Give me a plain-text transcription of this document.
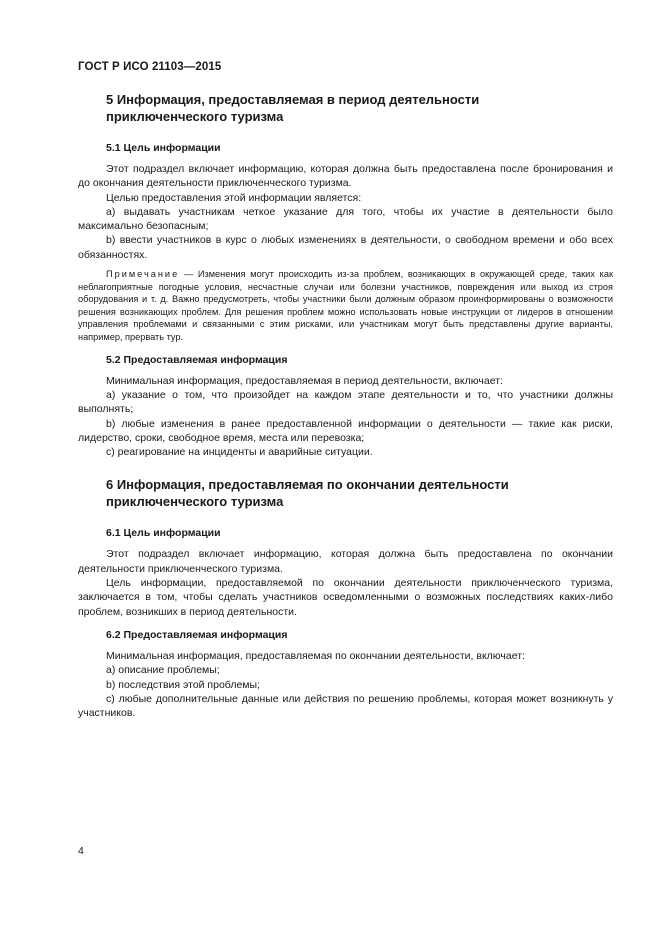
ГОСТ Р ИСО 21103—2015
5 Информация, предоставляемая в период деятельности
приключенческого туризма
5.1 Цель информации

Этот подраздел включает информацию, которая должна быть предоставлена после бронирования и до окончания деятельности приключенческого туризма.

Целью предоставления этой информации является:

a) выдавать участникам четкое указание для того, чтобы их участие в деятельности было максимально безопасным;

b) ввести участников в курс о любых изменениях в деятельности, о свободном времени и обо всех обязанностях.

Примечание — Изменения могут происходить из-за проблем, возникающих в окружающей среде, таких как неблагоприятные погодные условия, несчастные случаи или болезни участников, повреждения или выход из строя оборудования и т. д. Важно предусмотреть, чтобы участники были должным образом проинформированы о возможности решения возникающих проблем. Для решения проблем можно использовать новые инструкции от лидеров в отношении управления проблемами и связанными с этим рисками, или участникам могут быть представлены другие варианты, например, прервать тур.

5.2 Предоставляемая информация

Минимальная информация, предоставляемая в период деятельности, включает:

a) указание о том, что произойдет на каждом этапе деятельности и то, что участники должны выполнять;

b) любые изменения в ранее предоставленной информации о деятельности — такие как риски, лидерство, сроки, свободное время, места или перевозка;

c) реагирование на инциденты и аварийные ситуации.

6 Информация, предоставляемая по окончании деятельности
приключенческого туризма
6.1 Цель информации

Этот подраздел включает информацию, которая должна быть предоставлена по окончании деятельности приключенческого туризма.

Цель информации, предоставляемой по окончании деятельности приключенческого туризма, заключается в том, чтобы сделать участников осведомленными о возможных последствиях каких-либо проблем, возникших в период деятельности.

6.2 Предоставляемая информация

Минимальная информация, предоставляемая по окончании деятельности, включает:

a) описание проблемы;

b) последствия этой проблемы;

c) любые дополнительные данные или действия по решению проблемы, которая может возникнуть у участников.

4
